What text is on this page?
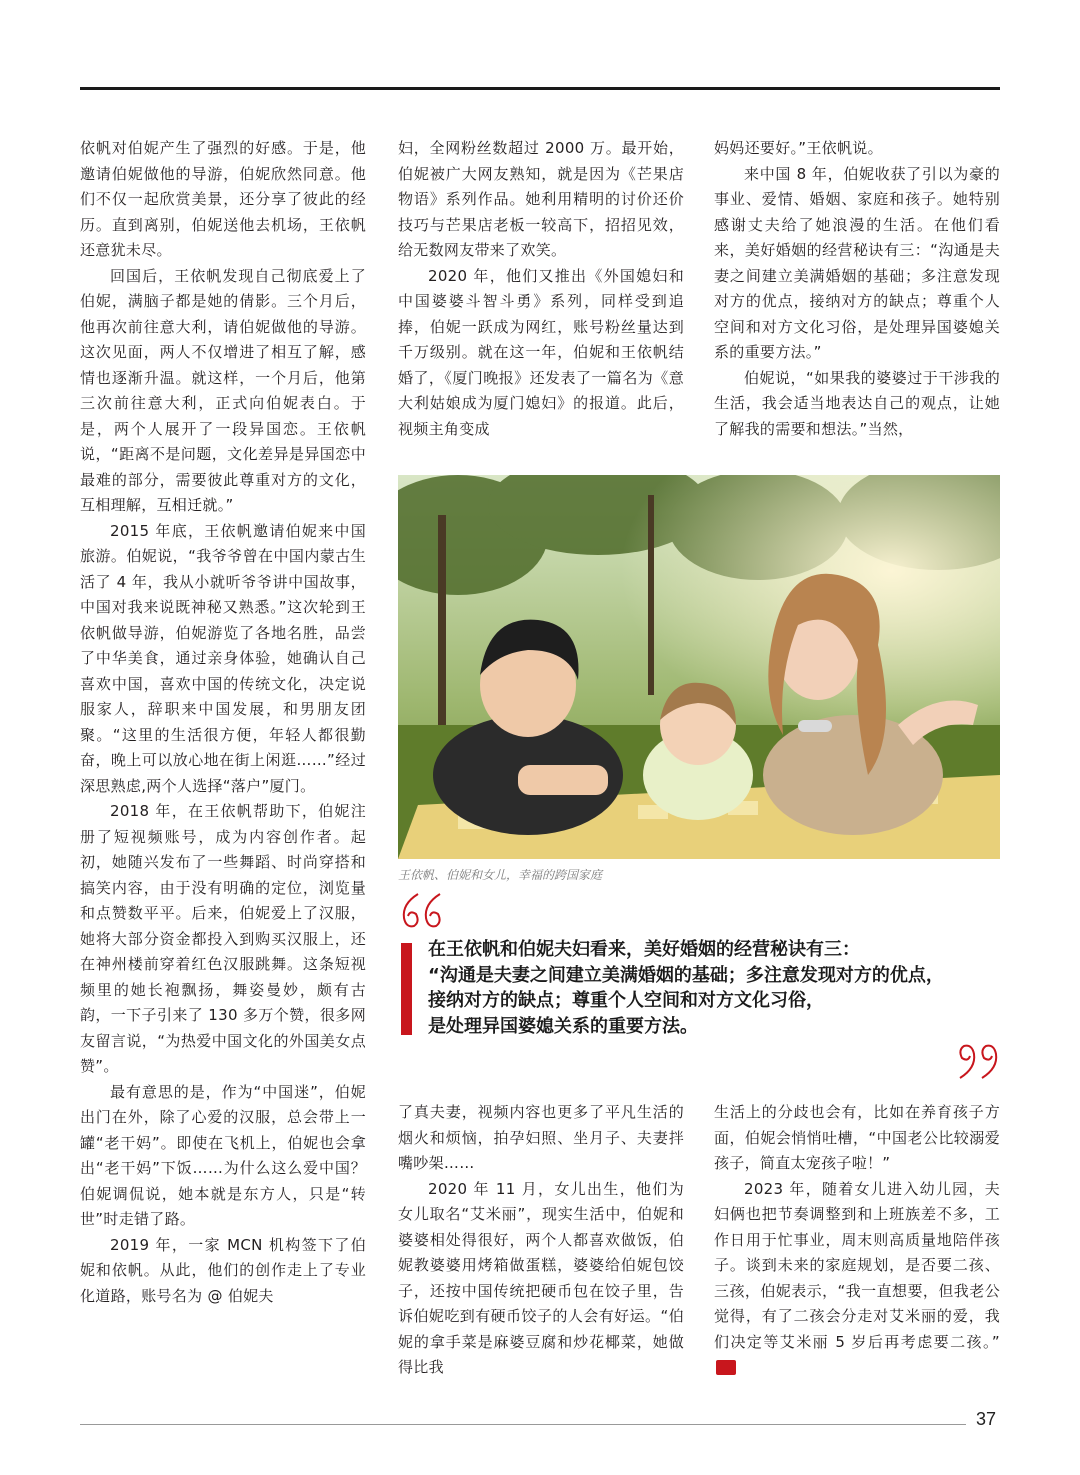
依帆对伯妮产生了强烈的好感。于是，他邀请伯妮做他的导游，伯妮欣然同意。他们不仅一起欣赏美景，还分享了彼此的经历。直到离别，伯妮送他去机场，王依帆还意犹未尽。

回国后，王依帆发现自己彻底爱上了伯妮，满脑子都是她的倩影。三个月后，他再次前往意大利，请伯妮做他的导游。这次见面，两人不仅增进了相互了解，感情也逐渐升温。就这样，一个月后，他第三次前往意大利，正式向伯妮表白。于是，两个人展开了一段异国恋。王依帆说，“距离不是问题，文化差异是异国恋中最难的部分，需要彼此尊重对方的文化，互相理解，互相迁就。”

2015 年底，王依帆邀请伯妮来中国旅游。伯妮说，“我爷爷曾在中国内蒙古生活了 4 年，我从小就听爷爷讲中国故事，中国对我来说既神秘又熟悉。”这次轮到王依帆做导游，伯妮游览了各地名胜，品尝了中华美食，通过亲身体验，她确认自己喜欢中国，喜欢中国的传统文化，决定说服家人，辞职来中国发展，和男朋友团聚。“这里的生活很方便，年轻人都很勤奋，晚上可以放心地在街上闲逛……”经过深思熟虑,两个人选择“落户”厦门。

2018 年，在王依帆帮助下，伯妮注册了短视频账号，成为内容创作者。起初，她随兴发布了一些舞蹈、时尚穿搭和搞笑内容，由于没有明确的定位，浏览量和点赞数平平。后来，伯妮爱上了汉服，她将大部分资金都投入到购买汉服上，还在神州楼前穿着红色汉服跳舞。这条短视频里的她长袍飘扬，舞姿曼妙，颇有古韵，一下子引来了 130 多万个赞，很多网友留言说，“为热爱中国文化的外国美女点赞”。

最有意思的是，作为“中国迷”，伯妮出门在外，除了心爱的汉服，总会带上一罐“老干妈”。即使在飞机上，伯妮也会拿出“老干妈”下饭……为什么这么爱中国？伯妮调侃说，她本就是东方人，只是“转世”时走错了路。

2019 年，一家 MCN 机构签下了伯妮和依帆。从此，他们的创作走上了专业化道路，账号名为 @ 伯妮夫

妇，全网粉丝数超过 2000 万。最开始，伯妮被广大网友熟知，就是因为《芒果店物语》系列作品。她利用精明的讨价还价技巧与芒果店老板一较高下，招招见效，给无数网友带来了欢笑。

2020 年，他们又推出《外国媳妇和中国婆婆斗智斗勇》系列，同样受到追捧，伯妮一跃成为网红，账号粉丝量达到千万级别。就在这一年，伯妮和王依帆结婚了，《厦门晚报》还发表了一篇名为《意大利姑娘成为厦门媳妇》的报道。此后，视频主角变成

妈妈还要好。”王依帆说。

来中国 8 年，伯妮收获了引以为豪的事业、爱情、婚姻、家庭和孩子。她特别感谢丈夫给了她浪漫的生活。在他们看来，美好婚姻的经营秘诀有三：“沟通是夫妻之间建立美满婚姻的基础；多注意发现对方的优点，接纳对方的缺点；尊重个人空间和对方文化习俗，是处理异国婆媳关系的重要方法。”

伯妮说，“如果我的婆婆过于干涉我的生活，我会适当地表达自己的观点，让她了解我的需要和想法。”当然，

王依帆、伯妮和女儿，幸福的跨国家庭
在王依帆和伯妮夫妇看来，美好婚姻的经营秘诀有三：
“沟通是夫妻之间建立美满婚姻的基础；多注意发现对方的优点，
接纳对方的缺点；尊重个人空间和对方文化习俗，
是处理异国婆媳关系的重要方法。

了真夫妻，视频内容也更多了平凡生活的烟火和烦恼，拍孕妇照、坐月子、夫妻拌嘴吵架……

2020 年 11 月，女儿出生，他们为女儿取名“艾米丽”，现实生活中，伯妮和婆婆相处得很好，两个人都喜欢做饭，伯妮教婆婆用烤箱做蛋糕，婆婆给伯妮包饺子，还按中国传统把硬币包在饺子里，告诉伯妮吃到有硬币饺子的人会有好运。“伯妮的拿手菜是麻婆豆腐和炒花椰菜，她做得比我

生活上的分歧也会有，比如在养育孩子方面，伯妮会悄悄吐槽，“中国老公比较溺爱孩子，简直太宠孩子啦！”

2023 年，随着女儿进入幼儿园，夫妇俩也把节奏调整到和上班族差不多，工作日用于忙事业，周末则高质量地陪伴孩子。谈到未来的家庭规划，是否要二孩、三孩，伯妮表示，“我一直想要，但我老公觉得，有了二孩会分走对艾米丽的爱，我们决定等艾米丽 5 岁后再考虑要二孩。”m

37
